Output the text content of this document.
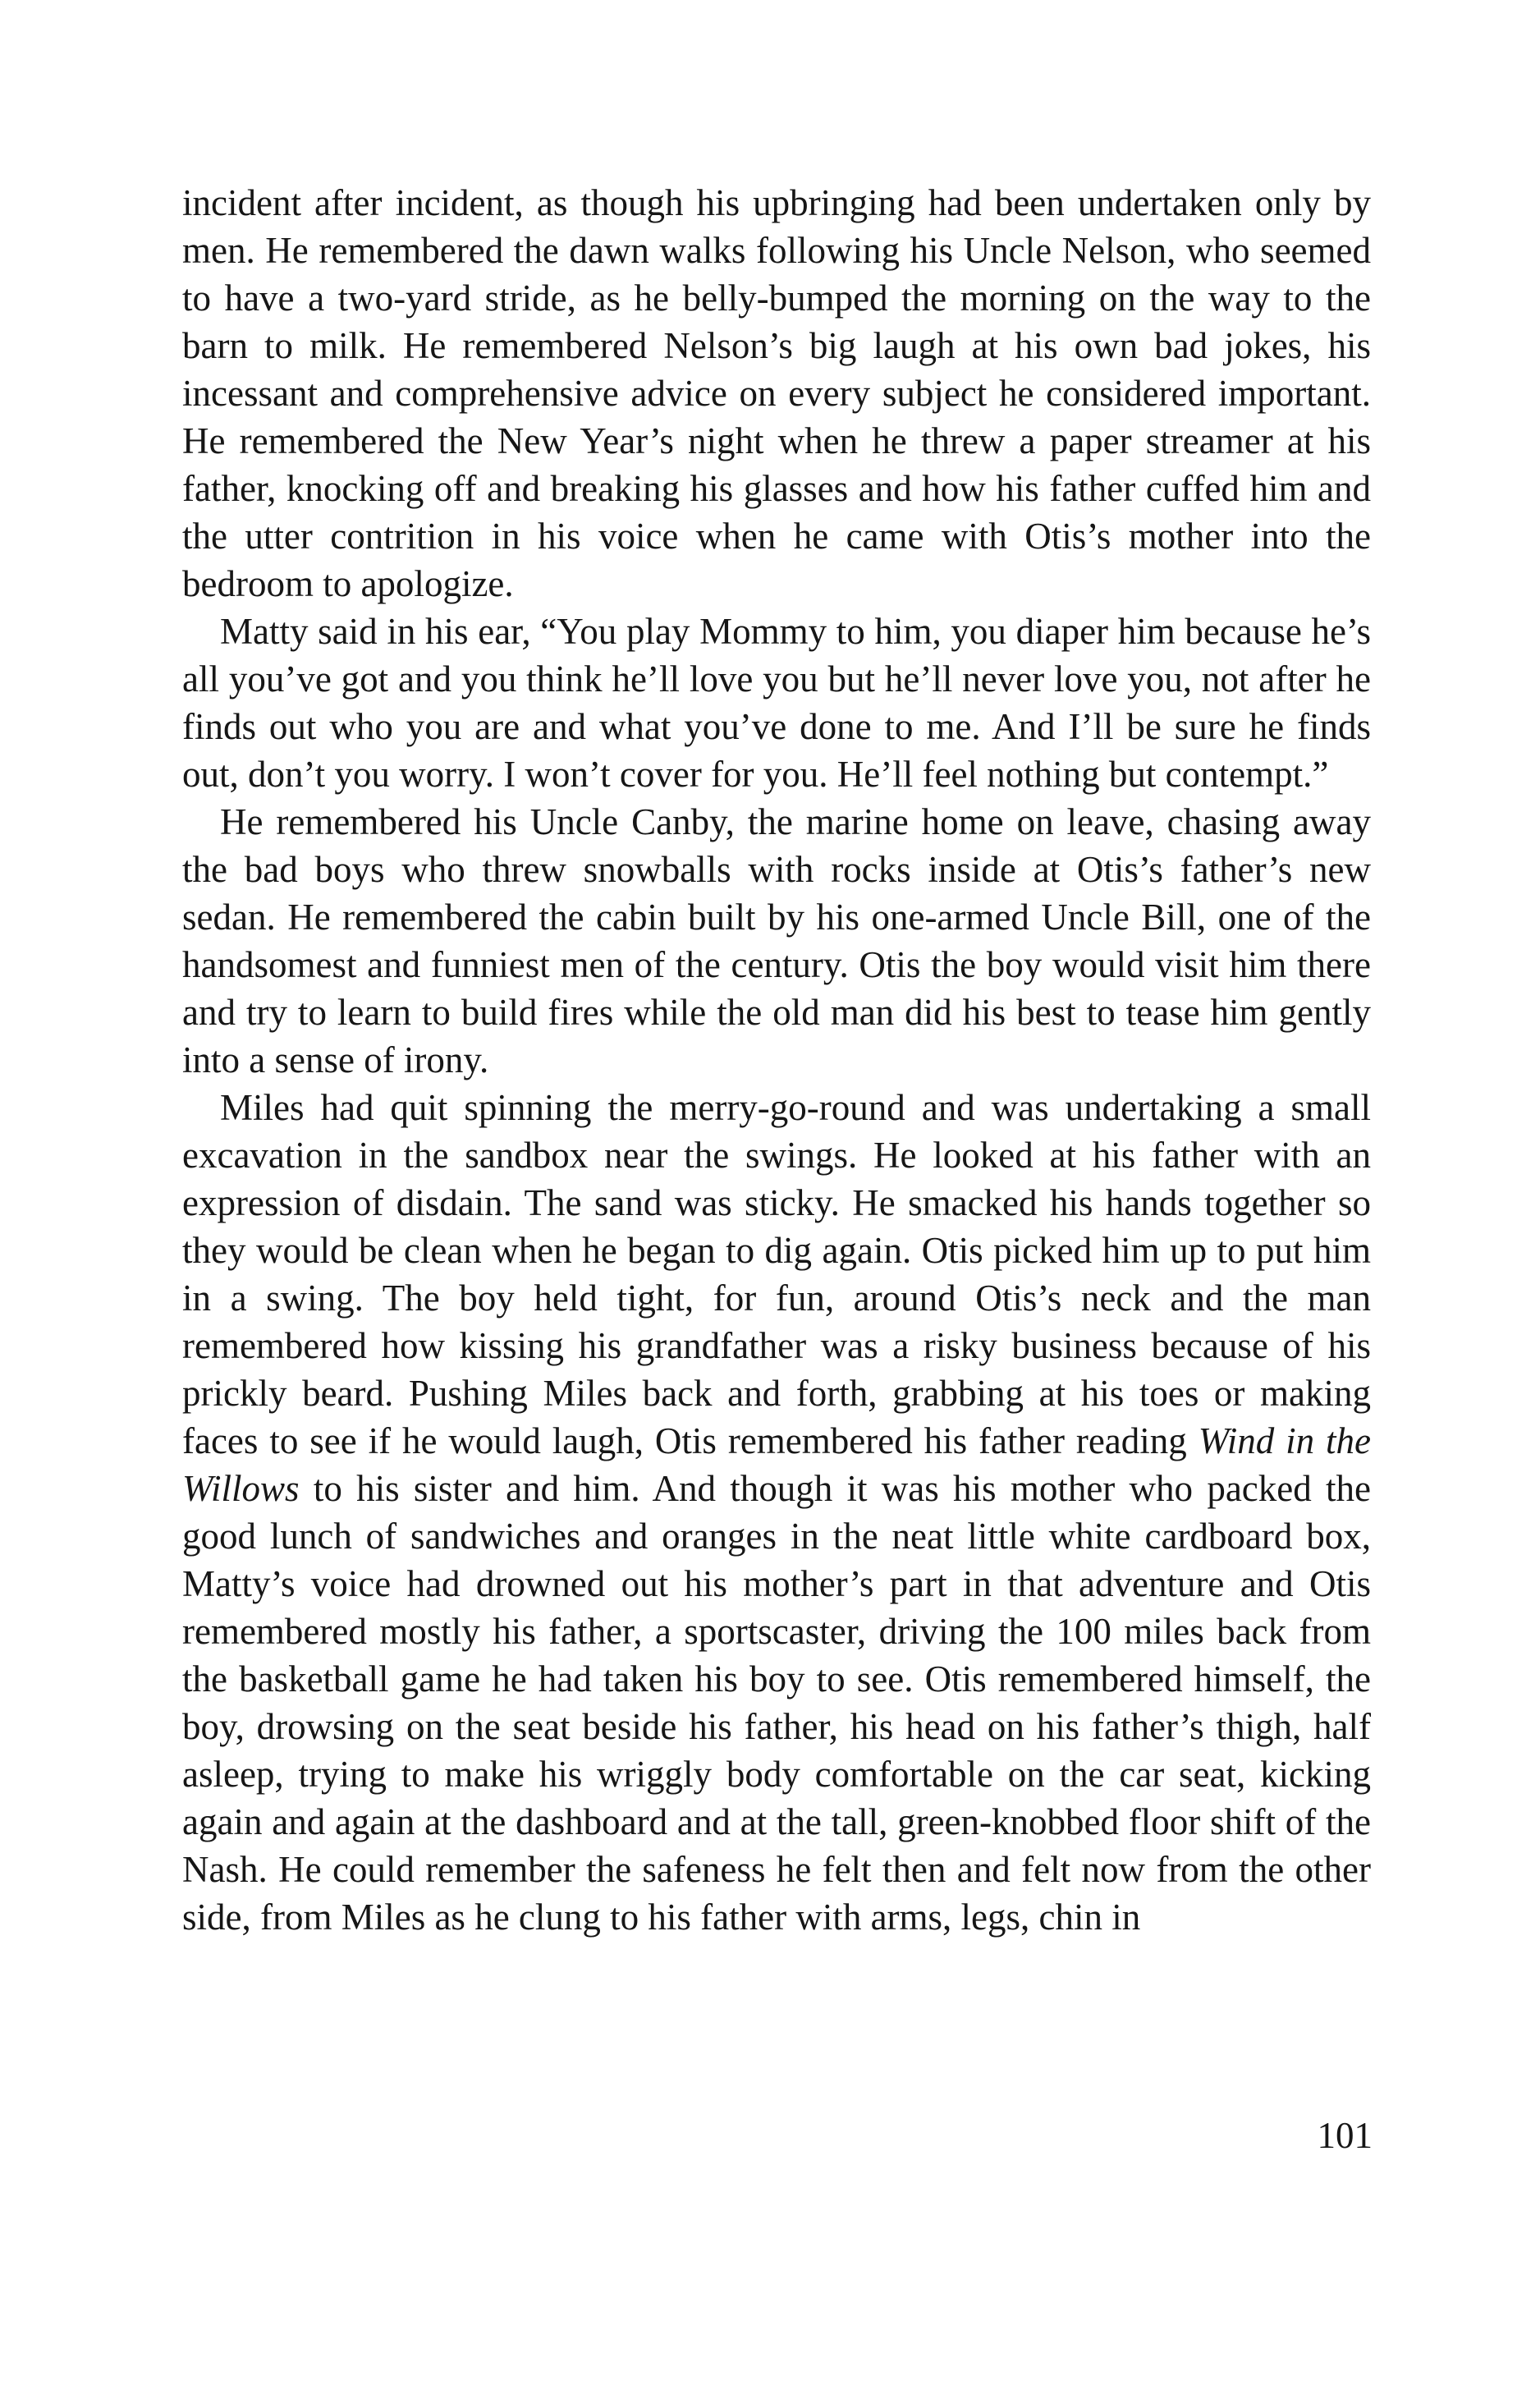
incident after incident, as though his upbringing had been undertaken only by men. He remembered the dawn walks following his Uncle Nelson, who seemed to have a two-yard stride, as he belly-bumped the morning on the way to the barn to milk. He remembered Nelson’s big laugh at his own bad jokes, his incessant and comprehensive advice on every subject he considered important. He remembered the New Year’s night when he threw a paper streamer at his father, knocking off and breaking his glasses and how his father cuffed him and the utter contrition in his voice when he came with Otis’s mother into the bedroom to apologize.

Matty said in his ear, “You play Mommy to him, you diaper him because he’s all you’ve got and you think he’ll love you but he’ll never love you, not after he finds out who you are and what you’ve done to me. And I’ll be sure he finds out, don’t you worry. I won’t cover for you. He’ll feel nothing but contempt.”

He remembered his Uncle Canby, the marine home on leave, chasing away the bad boys who threw snowballs with rocks inside at Otis’s father’s new sedan. He remembered the cabin built by his one-armed Uncle Bill, one of the handsomest and funniest men of the century. Otis the boy would visit him there and try to learn to build fires while the old man did his best to tease him gently into a sense of irony.

Miles had quit spinning the merry-go-round and was undertaking a small excavation in the sandbox near the swings. He looked at his father with an expression of disdain. The sand was sticky. He smacked his hands together so they would be clean when he began to dig again. Otis picked him up to put him in a swing. The boy held tight, for fun, around Otis’s neck and the man remembered how kissing his grandfather was a risky business because of his prickly beard. Pushing Miles back and forth, grabbing at his toes or making faces to see if he would laugh, Otis remembered his father reading Wind in the Willows to his sister and him. And though it was his mother who packed the good lunch of sandwiches and oranges in the neat little white cardboard box, Matty’s voice had drowned out his mother’s part in that adventure and Otis remembered mostly his father, a sportscaster, driving the 100 miles back from the basketball game he had taken his boy to see. Otis remembered himself, the boy, drowsing on the seat beside his father, his head on his father’s thigh, half asleep, trying to make his wriggly body comfortable on the car seat, kicking again and again at the dashboard and at the tall, green-knobbed floor shift of the Nash. He could remember the safeness he felt then and felt now from the other side, from Miles as he clung to his father with arms, legs, chin in

101
